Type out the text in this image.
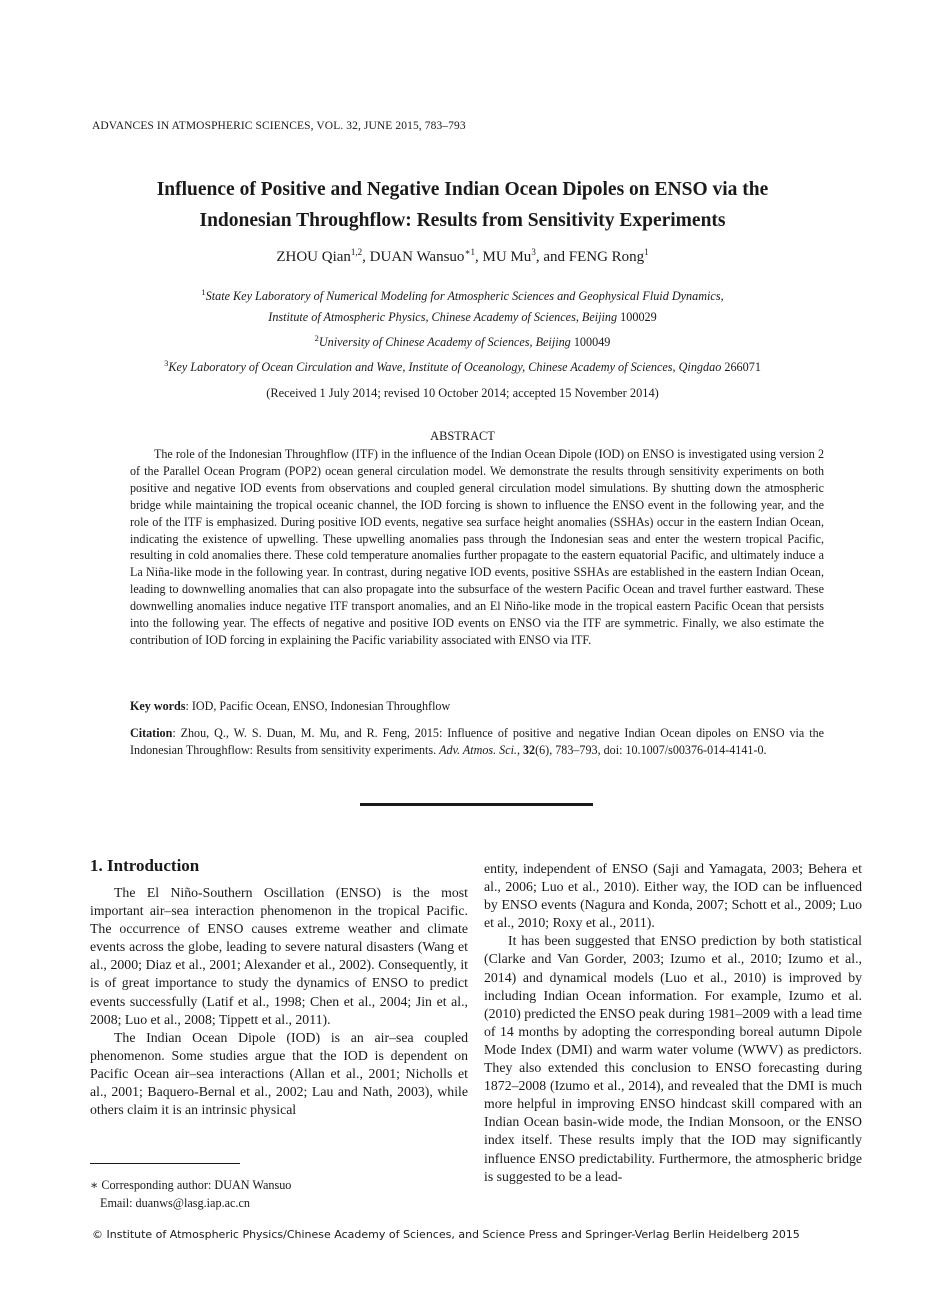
ADVANCES IN ATMOSPHERIC SCIENCES, VOL. 32, JUNE 2015, 783–793
Influence of Positive and Negative Indian Ocean Dipoles on ENSO via the
Indonesian Throughflow: Results from Sensitivity Experiments
ZHOU Qian$^{1,2}$, DUAN Wansuo$^{∗1}$, MU Mu$^3$, and FENG Rong$^1$
$^1$State Key Laboratory of Numerical Modeling for Atmospheric Sciences and Geophysical Fluid Dynamics,
Institute of Atmospheric Physics, Chinese Academy of Sciences, Beijing 100029
$^2$University of Chinese Academy of Sciences, Beijing 100049
$^3$Key Laboratory of Ocean Circulation and Wave, Institute of Oceanology, Chinese Academy of Sciences, Qingdao 266071
(Received 1 July 2014; revised 10 October 2014; accepted 15 November 2014)
ABSTRACT
The role of the Indonesian Throughflow (ITF) in the influence of the Indian Ocean Dipole (IOD) on ENSO is investigated using version 2 of the Parallel Ocean Program (POP2) ocean general circulation model. We demonstrate the results through sensitivity experiments on both positive and negative IOD events from observations and coupled general circulation model simulations. By shutting down the atmospheric bridge while maintaining the tropical oceanic channel, the IOD forcing is shown to influence the ENSO event in the following year, and the role of the ITF is emphasized. During positive IOD events, negative sea surface height anomalies (SSHAs) occur in the eastern Indian Ocean, indicating the existence of upwelling. These upwelling anomalies pass through the Indonesian seas and enter the western tropical Pacific, resulting in cold anomalies there. These cold temperature anomalies further propagate to the eastern equatorial Pacific, and ultimately induce a La Niña-like mode in the following year. In contrast, during negative IOD events, positive SSHAs are established in the eastern Indian Ocean, leading to downwelling anomalies that can also propagate into the subsurface of the western Pacific Ocean and travel further eastward. These downwelling anomalies induce negative ITF transport anomalies, and an El Niño-like mode in the tropical eastern Pacific Ocean that persists into the following year. The effects of negative and positive IOD events on ENSO via the ITF are symmetric. Finally, we also estimate the contribution of IOD forcing in explaining the Pacific variability associated with ENSO via ITF.
Key words: IOD, Pacific Ocean, ENSO, Indonesian Throughflow
Citation: Zhou, Q., W. S. Duan, M. Mu, and R. Feng, 2015: Influence of positive and negative Indian Ocean dipoles on ENSO via the Indonesian Throughflow: Results from sensitivity experiments. Adv. Atmos. Sci., 32(6), 783–793, doi: 10.1007/s00376-014-4141-0.
1. Introduction

The El Niño-Southern Oscillation (ENSO) is the most important air–sea interaction phenomenon in the tropical Pacific. The occurrence of ENSO causes extreme weather and climate events across the globe, leading to severe natural disasters (Wang et al., 2000; Diaz et al., 2001; Alexander et al., 2002). Consequently, it is of great importance to study the dynamics of ENSO to predict events successfully (Latif et al., 1998; Chen et al., 2004; Jin et al., 2008; Luo et al., 2008; Tippett et al., 2011).

The Indian Ocean Dipole (IOD) is an air–sea coupled phenomenon. Some studies argue that the IOD is dependent on Pacific Ocean air–sea interactions (Allan et al., 2001; Nicholls et al., 2001; Baquero-Bernal et al., 2002; Lau and Nath, 2003), while others claim it is an intrinsic physical

entity, independent of ENSO (Saji and Yamagata, 2003; Behera et al., 2006; Luo et al., 2010). Either way, the IOD can be influenced by ENSO events (Nagura and Konda, 2007; Schott et al., 2009; Luo et al., 2010; Roxy et al., 2011).

It has been suggested that ENSO prediction by both statistical (Clarke and Van Gorder, 2003; Izumo et al., 2010; Izumo et al., 2014) and dynamical models (Luo et al., 2010) is improved by including Indian Ocean information. For example, Izumo et al. (2010) predicted the ENSO peak during 1981–2009 with a lead time of 14 months by adopting the corresponding boreal autumn Dipole Mode Index (DMI) and warm water volume (WWV) as predictors. They also extended this conclusion to ENSO forecasting during 1872–2008 (Izumo et al., 2014), and revealed that the DMI is much more helpful in improving ENSO hindcast skill compared with an Indian Ocean basin-wide mode, the Indian Monsoon, or the ENSO index itself. These results imply that the IOD may significantly influence ENSO predictability. Furthermore, the atmospheric bridge is suggested to be a lead-

∗ Corresponding author: DUAN Wansuo
Email: duanws@lasg.iap.ac.cn
© Institute of Atmospheric Physics/Chinese Academy of Sciences, and Science Press and Springer-Verlag Berlin Heidelberg 2015
